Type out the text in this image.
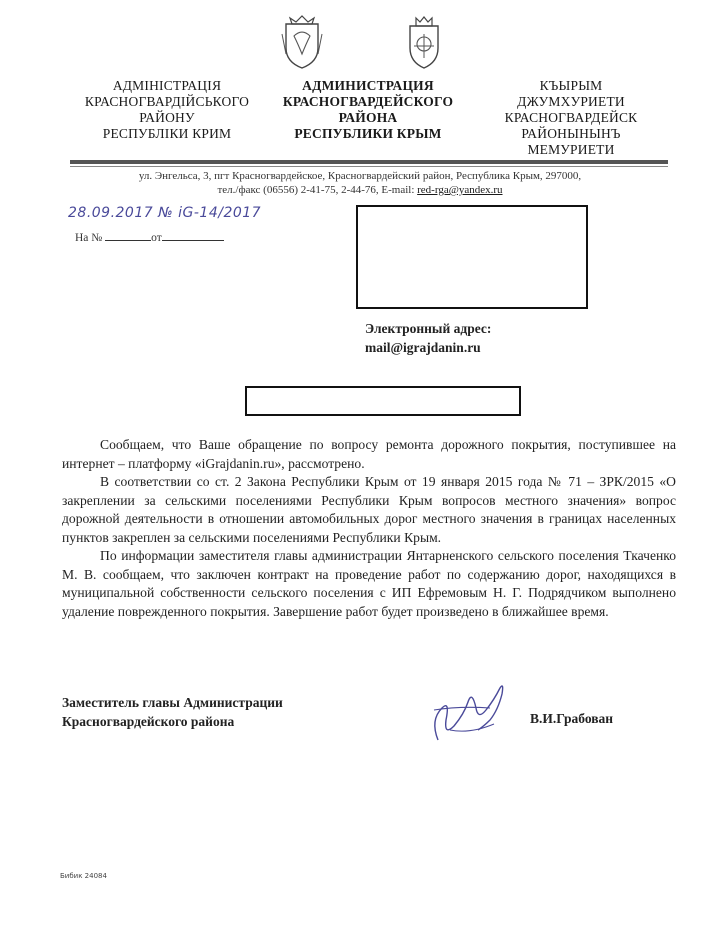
АДМІНІСТРАЦІЯ
КРАСНОГВАРДІЙСЬКОГО
РАЙОНУ
РЕСПУБЛІКИ КРИМ
АДМИНИСТРАЦИЯ
КРАСНОГВАРДЕЙСКОГО
РАЙОНА
РЕСПУБЛИКИ КРЫМ
КЪЫРЫМ
ДЖУМХУРИЕТИ
КРАСНОГВАРДЕЙСК
РАЙОНЫНЫНЪ
МЕМУРИЕТИ
ул. Энгельса, 3, пгт Красногвардейское, Красногвардейский район, Республика Крым, 297000,
тел./факс (06556) 2-41-75, 2-44-76, E-mail: red-rga@yandex.ru
28.09.2017 № iG-14/2017
На №	от
Электронный адрес:
mail@igrajdanin.ru

Сообщаем, что Ваше обращение по вопросу ремонта дорожного покрытия, поступившее на интернет – платформу «iGrajdanin.ru», рассмотрено.

В соответствии со ст. 2 Закона Республики Крым от 19 января 2015 года № 71 – ЗРК/2015 «О закреплении за сельскими поселениями Республики Крым вопросов местного значения» вопрос дорожной деятельности в отношении автомобильных дорог местного значения в границах населенных пунктов закреплен за сельскими поселениями Республики Крым.

По информации заместителя главы администрации Янтарненского сельского поселения Ткаченко М. В. сообщаем, что заключен контракт на проведение работ по содержанию дорог, находящихся в муниципальной собственности сельского поселения с ИП Ефремовым Н. Г. Подрядчиком выполнено удаление поврежденного покрытия. Завершение работ будет произведено в ближайшее время.

Заместитель главы Администрации
Красногвардейского района	В.И.Грабован
Бибик 24084
